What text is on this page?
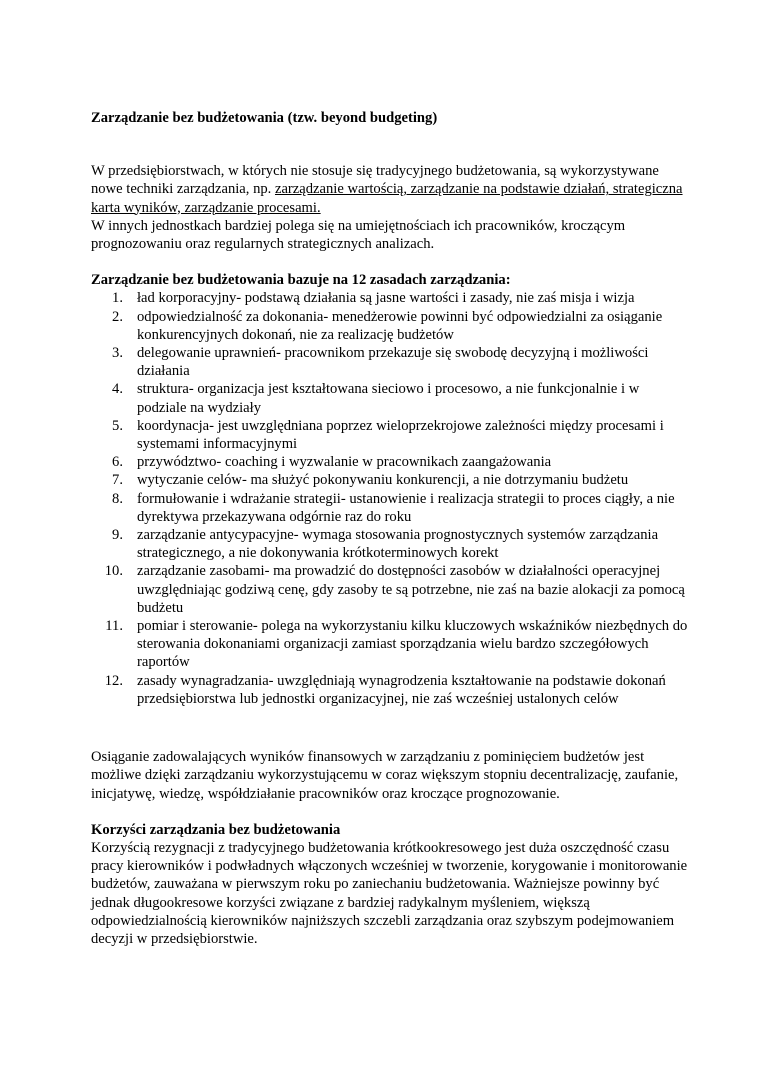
Zarządzanie bez budżetowania (tzw. beyond budgeting)

W przedsiębiorstwach, w których nie stosuje się tradycyjnego budżetowania, są wykorzystywane nowe techniki zarządzania, np. zarządzanie wartością, zarządzanie na podstawie działań, strategiczna karta wyników, zarządzanie procesami.
W innych jednostkach bardziej polega się na umiejętnościach ich pracowników, kroczącym prognozowaniu oraz regularnych strategicznych analizach.

Zarządzanie bez budżetowania bazuje na 12 zasadach zarządzania:

1. ład korporacyjny- podstawą działania są jasne wartości i zasady, nie zaś misja i wizja
2. odpowiedzialność za dokonania- menedżerowie powinni być odpowiedzialni za osiąganie konkurencyjnych dokonań, nie za realizację budżetów
3. delegowanie uprawnień- pracownikom przekazuje się swobodę decyzyjną i możliwości działania
4. struktura- organizacja jest kształtowana sieciowo i procesowo, a nie funkcjonalnie i w podziale na wydziały
5. koordynacja- jest uwzględniana poprzez wieloprzekrojowe zależności między procesami i systemami informacyjnymi
6. przywództwo- coaching i wyzwalanie w pracownikach zaangażowania
7. wytyczanie celów- ma służyć pokonywaniu konkurencji, a nie dotrzymaniu budżetu
8. formułowanie i wdrażanie strategii- ustanowienie i realizacja strategii to proces ciągły, a nie dyrektywa przekazywana odgórnie raz do roku
9. zarządzanie antycypacyjne- wymaga stosowania prognostycznych systemów zarządzania strategicznego, a nie dokonywania krótkoterminowych korekt
10. zarządzanie zasobami- ma prowadzić do dostępności zasobów w działalności operacyjnej uwzględniając godziwą cenę, gdy zasoby te są potrzebne, nie zaś na bazie alokacji za pomocą budżetu
11. pomiar i sterowanie- polega na wykorzystaniu kilku kluczowych wskaźników niezbędnych do sterowania dokonaniami organizacji zamiast sporządzania wielu bardzo szczegółowych raportów
12. zasady wynagradzania- uwzględniają wynagrodzenia kształtowanie na podstawie dokonań przedsiębiorstwa lub jednostki organizacyjnej, nie zaś wcześniej ustalonych celów

Osiąganie zadowalających wyników finansowych w zarządzaniu z pominięciem budżetów jest możliwe dzięki zarządzaniu wykorzystującemu w coraz większym stopniu decentralizację, zaufanie, inicjatywę, wiedzę, współdziałanie pracowników oraz kroczące prognozowanie.

Korzyści zarządzania bez budżetowania

Korzyścią rezygnacji z tradycyjnego budżetowania krótkookresowego jest duża oszczędność czasu pracy kierowników i podwładnych włączonych wcześniej w tworzenie, korygowanie i monitorowanie budżetów, zauważana w pierwszym roku po zaniechaniu budżetowania. Ważniejsze powinny być jednak długookresowe korzyści związane z bardziej radykalnym myśleniem, większą odpowiedzialnością kierowników najniższych szczebli zarządzania oraz szybszym podejmowaniem decyzji w przedsiębiorstwie.
